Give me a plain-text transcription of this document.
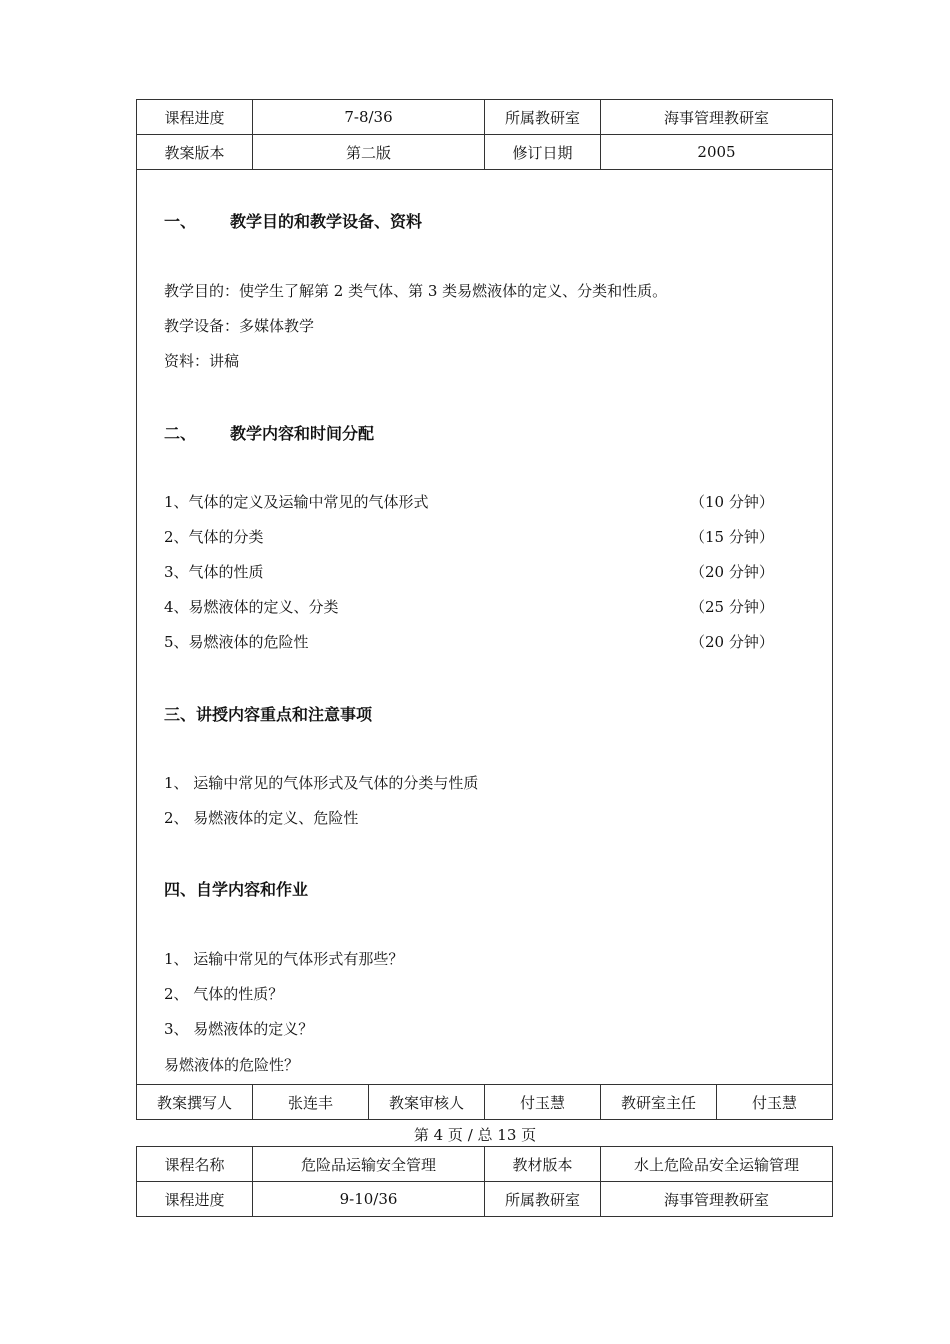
课程进度	7-8/36	所属教研室	海事管理教研室
教案版本	第二版	修订日期	2005
一、 教学目的和教学设备、资料
教学目的：使学生了解第 2 类气体、第 3 类易燃液体的定义、分类和性质。
教学设备：多媒体教学
资料：讲稿
二、 教学内容和时间分配
1、气体的定义及运输中常见的气体形式	（10 分钟）
2、气体的分类	（15 分钟）
3、气体的性质	（20 分钟）
4、易燃液体的定义、分类	（25 分钟）
5、易燃液体的危险性	（20 分钟）
三、讲授内容重点和注意事项
1、 运输中常见的气体形式及气体的分类与性质
2、 易燃液体的定义、危险性
四、自学内容和作业
1、 运输中常见的气体形式有那些？
2、 气体的性质？
3、 易燃液体的定义？
易燃液体的危险性？
教案撰写人	张连丰	教案审核人	付玉慧	教研室主任	付玉慧
第 4 页 / 总 13 页
课程名称	危险品运输安全管理	教材版本	水上危险品安全运输管理
课程进度	9-10/36	所属教研室	海事管理教研室
